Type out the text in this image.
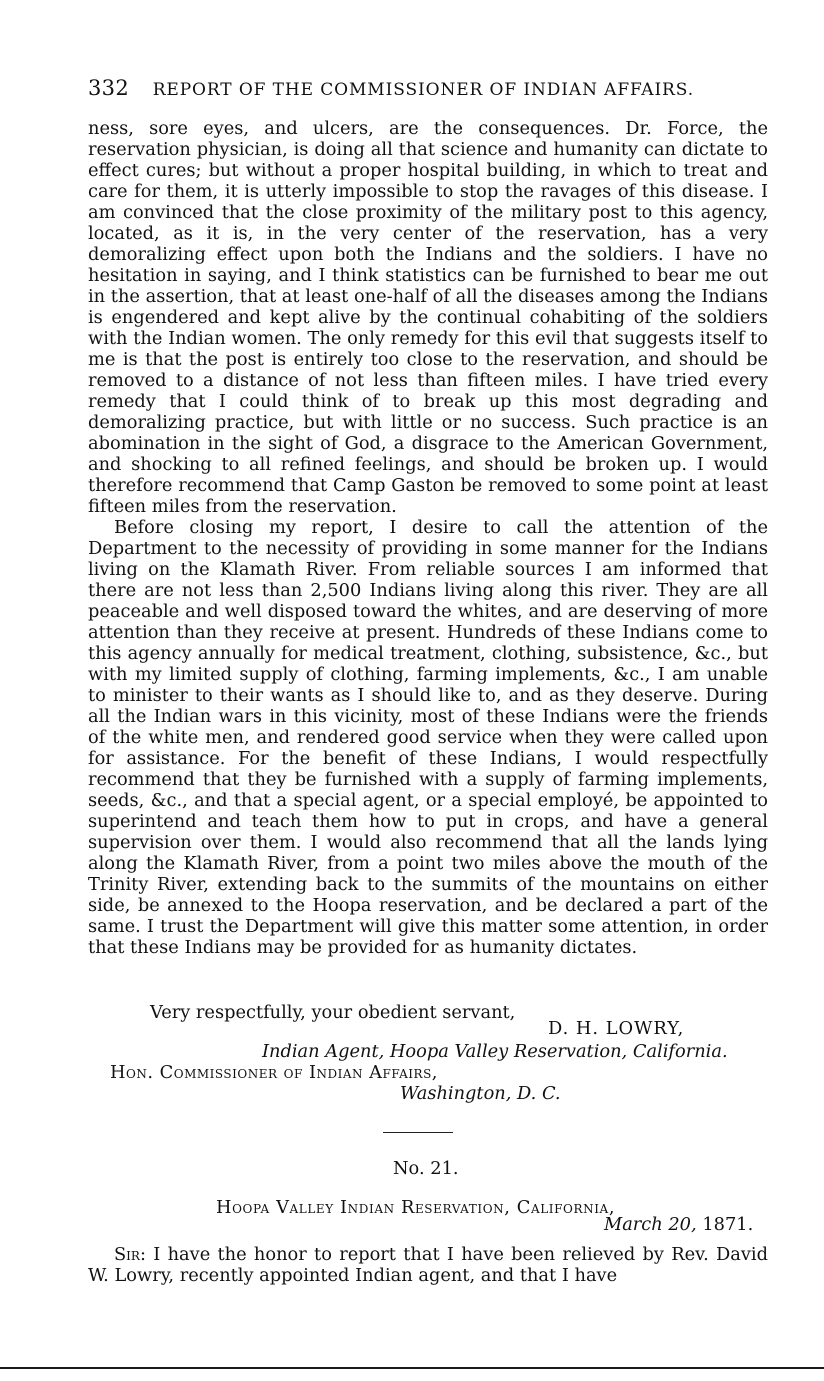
332 REPORT OF THE COMMISSIONER OF INDIAN AFFAIRS.

ness, sore eyes, and ulcers, are the consequences. Dr. Force, the reservation physician, is doing all that science and humanity can dictate to effect cures; but without a proper hospital building, in which to treat and care for them, it is utterly impossible to stop the ravages of this disease. I am convinced that the close proximity of the military post to this agency, located, as it is, in the very center of the reservation, has a very demoralizing effect upon both the Indians and the soldiers. I have no hesitation in saying, and I think statistics can be furnished to bear me out in the assertion, that at least one-half of all the diseases among the Indians is engendered and kept alive by the continual cohabiting of the soldiers with the Indian women. The only remedy for this evil that suggests itself to me is that the post is entirely too close to the reservation, and should be removed to a distance of not less than fifteen miles. I have tried every remedy that I could think of to break up this most degrading and demoralizing practice, but with little or no success. Such practice is an abomination in the sight of God, a disgrace to the American Government, and shocking to all refined feelings, and should be broken up. I would therefore recommend that Camp Gaston be removed to some point at least fifteen miles from the reservation.

Before closing my report, I desire to call the attention of the Department to the necessity of providing in some manner for the Indians living on the Klamath River. From reliable sources I am informed that there are not less than 2,500 Indians living along this river. They are all peaceable and well disposed toward the whites, and are deserving of more attention than they receive at present. Hundreds of these Indians come to this agency annually for medical treatment, clothing, subsistence, &c., but with my limited supply of clothing, farming implements, &c., I am unable to minister to their wants as I should like to, and as they deserve. During all the Indian wars in this vicinity, most of these Indians were the friends of the white men, and rendered good service when they were called upon for assistance. For the benefit of these Indians, I would respectfully recommend that they be furnished with a supply of farming implements, seeds, &c., and that a special agent, or a special employé, be appointed to superintend and teach them how to put in crops, and have a general supervision over them. I would also recommend that all the lands lying along the Klamath River, from a point two miles above the mouth of the Trinity River, extending back to the summits of the mountains on either side, be annexed to the Hoopa reservation, and be declared a part of the same. I trust the Department will give this matter some attention, in order that these Indians may be provided for as humanity dictates.

Very respectfully, your obedient servant,
D. H. LOWRY,
Indian Agent, Hoopa Valley Reservation, California.
Hon. Commissioner of Indian Affairs,
Washington, D. C.
No. 21.
Hoopa Valley Indian Reservation, California,
March 20, 1871.
Sir: I have the honor to report that I have been relieved by Rev. David W. Lowry, recently appointed Indian agent, and that I have
